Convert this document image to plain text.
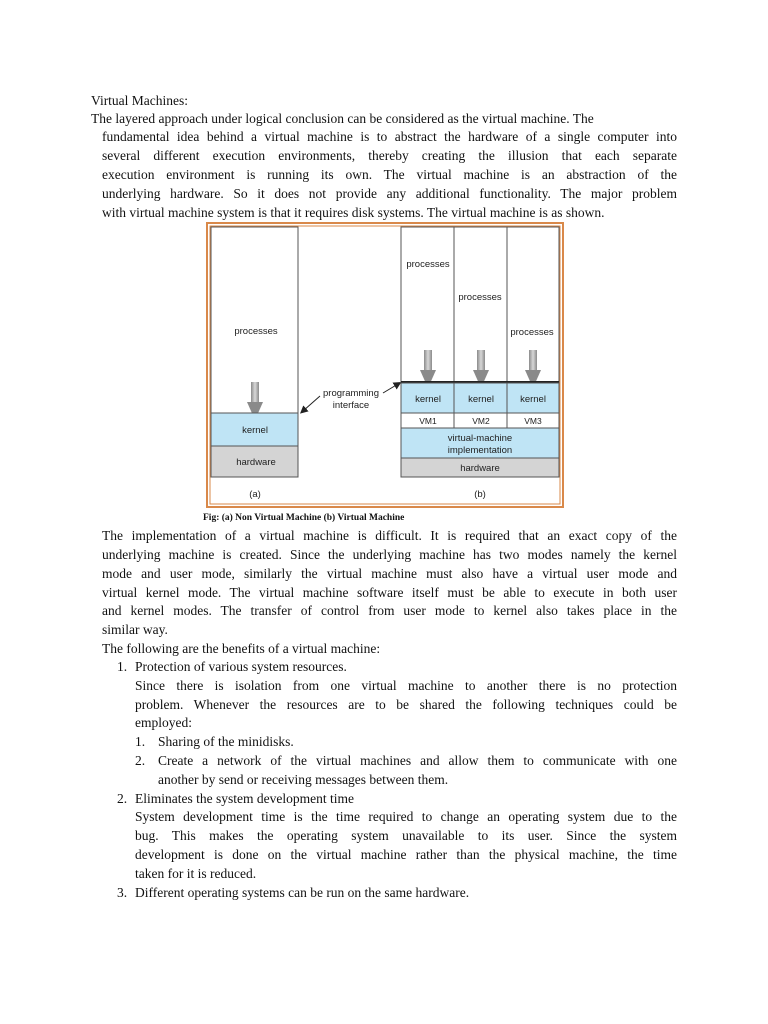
Virtual Machines:
The layered approach under logical conclusion can be considered as the virtual machine. The
fundamental idea behind a virtual machine is to abstract the hardware of a single computer into
several different execution environments, thereby creating the illusion that each separate
execution environment is running its own. The virtual machine is an abstraction of the
underlying hardware. So it does not provide any additional functionality. The major problem
with virtual machine system is that it requires disk systems. The virtual machine is as shown.
processes
kernel
hardware
(a)
programming
interface
processes
processes
processes
kernel	kernel	kernel
VM1	VM2	VM3
virtual-machine
implementation
hardware
(b)
Fig: (a) Non Virtual Machine (b) Virtual Machine
The implementation of a virtual machine is difficult. It is required that an exact copy of the
underlying machine is created. Since the underlying machine has two modes namely the kernel
mode and user mode, similarly the virtual machine must also have a virtual user mode and
virtual kernel mode. The virtual machine software itself must be able to execute in both user
and kernel modes. The transfer of control from user mode to kernel also takes place in the
similar way.
The following are the benefits of a virtual machine:
1. Protection of various system resources.
Since there is isolation from one virtual machine to another there is no protection
problem. Whenever the resources are to be shared the following techniques could be
employed:
1. Sharing of the minidisks.
2. Create a network of the virtual machines and allow them to communicate with one
another by send or receiving messages between them.
2. Eliminates the system development time
System development time is the time required to change an operating system due to the
bug. This makes the operating system unavailable to its user. Since the system
development is done on the virtual machine rather than the physical machine, the time
taken for it is reduced.
3. Different operating systems can be run on the same hardware.
